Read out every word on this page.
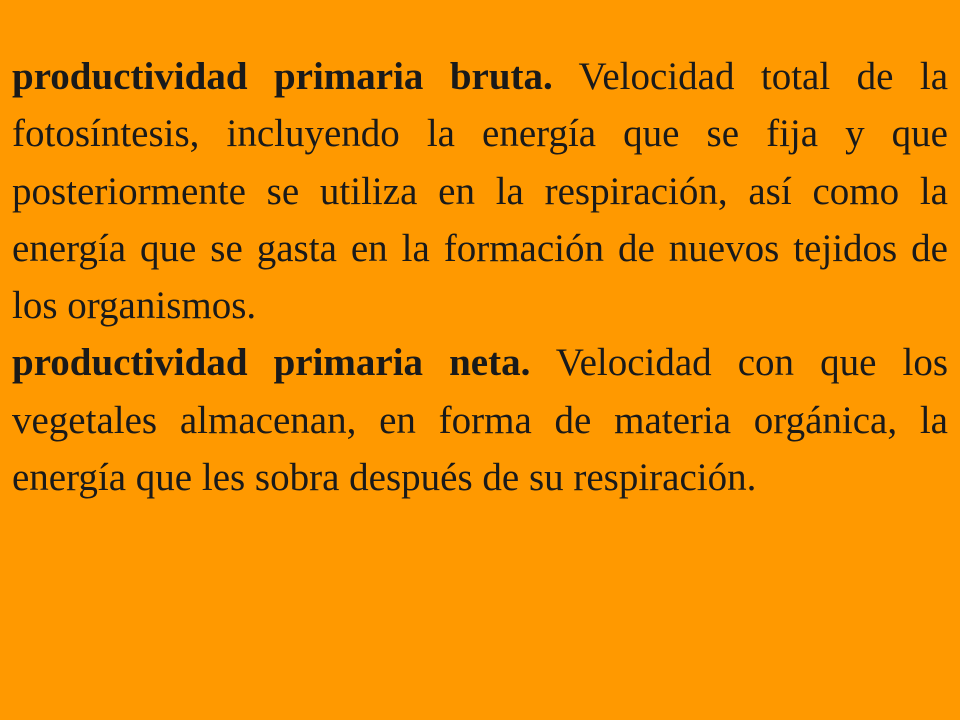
productividad primaria bruta. Velocidad total de la fotosíntesis, incluyendo la energía que se fija y que posteriormente se utiliza en la respiración, así como la energía que se gasta en la formación de nuevos tejidos de los organismos.

productividad primaria neta. Velocidad con que los vegetales almacenan, en forma de materia orgánica, la energía que les sobra después de su respiración.
